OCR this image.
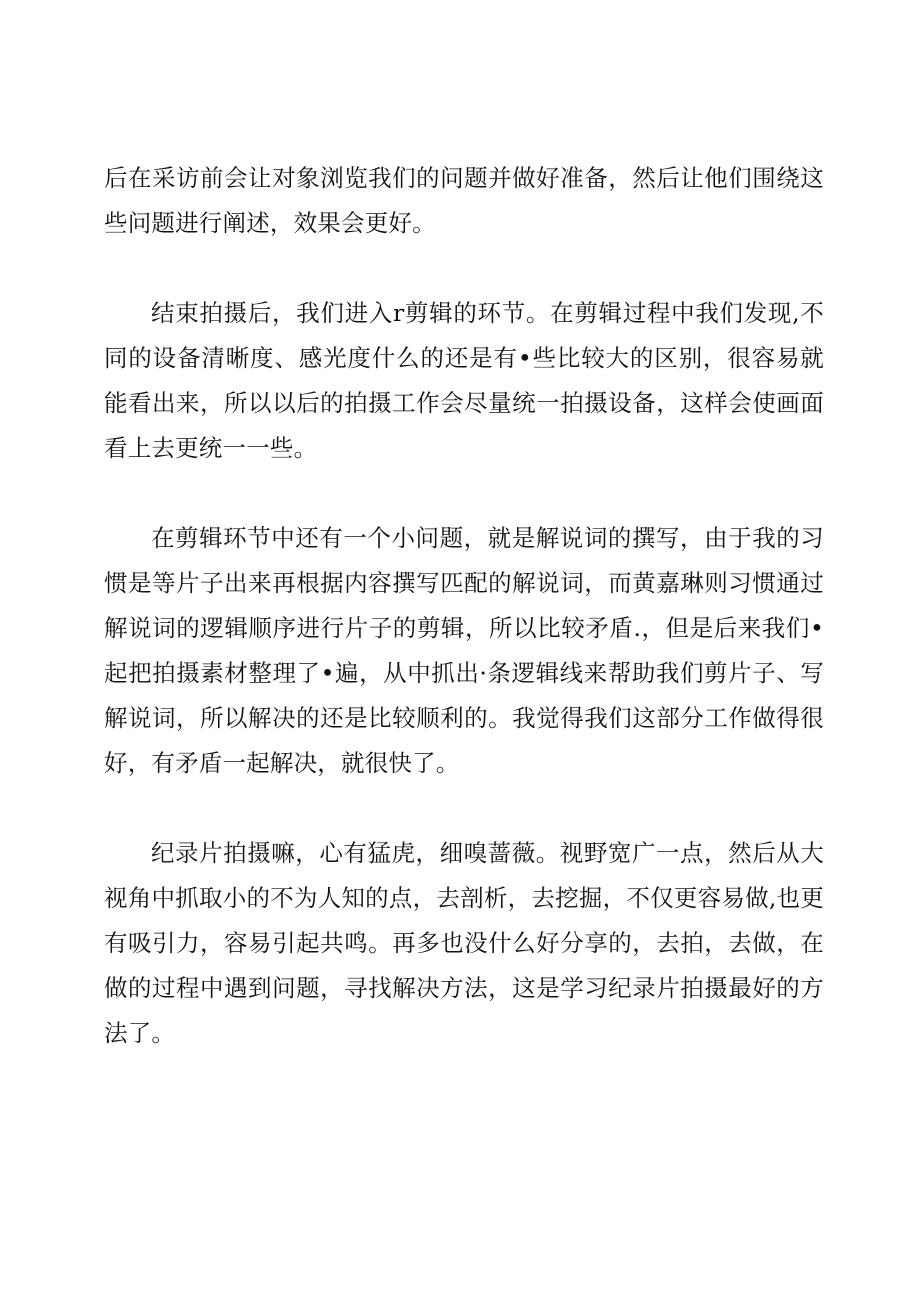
后在采访前会让对象浏览我们的问题并做好准备，然后让他们围绕这些问题进行阐述，效果会更好。

结束拍摄后，我们进入r剪辑的环节。在剪辑过程中我们发现,不同的设备清晰度、感光度什么的还是有•些比较大的区别，很容易就能看出来，所以以后的拍摄工作会尽量统一拍摄设备，这样会使画面看上去更统一一些。

在剪辑环节中还有一个小问题，就是解说词的撰写，由于我的习惯是等片子出来再根据内容撰写匹配的解说词，而黄嘉琳则习惯通过解说词的逻辑顺序进行片子的剪辑，所以比较矛盾.，但是后来我们•起把拍摄素材整理了•遍，从中抓出·条逻辑线来帮助我们剪片子、写解说词，所以解决的还是比较顺利的。我觉得我们这部分工作做得很好，有矛盾一起解决，就很快了。

纪录片拍摄嘛，心有猛虎，细嗅蔷薇。视野宽广一点，然后从大视角中抓取小的不为人知的点，去剖析，去挖掘，不仅更容易做,也更有吸引力，容易引起共鸣。再多也没什么好分享的，去拍，去做，在做的过程中遇到问题，寻找解决方法，这是学习纪录片拍摄最好的方法了。
